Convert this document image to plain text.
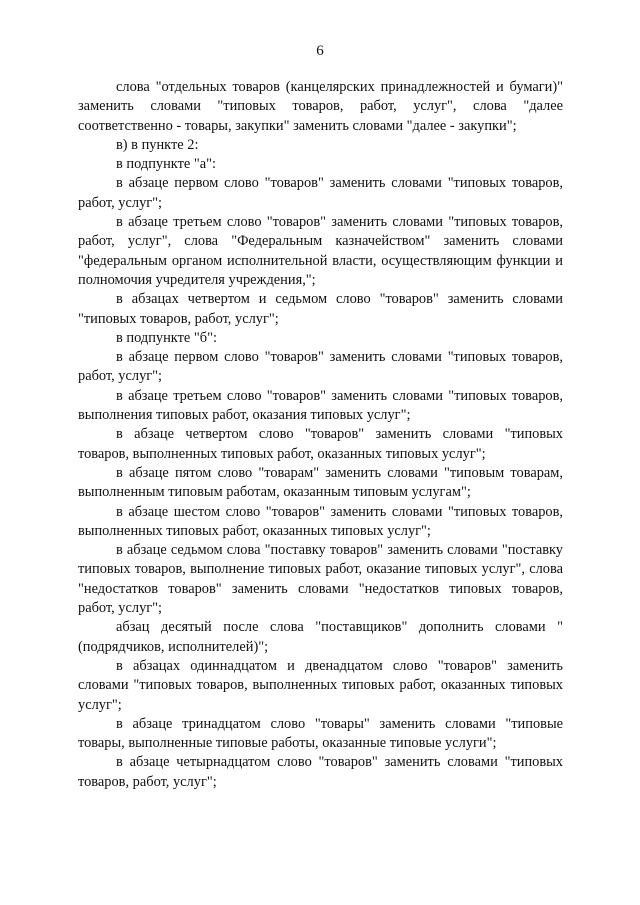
6

слова "отдельных товаров (канцелярских принадлежностей и бумаги)" заменить словами "типовых товаров, работ, услуг", слова "далее соответственно - товары, закупки" заменить словами "далее - закупки";

в) в пункте 2:

в подпункте "а":

в абзаце первом слово "товаров" заменить словами "типовых товаров, работ, услуг";

в абзаце третьем слово "товаров" заменить словами "типовых товаров, работ, услуг", слова "Федеральным казначейством" заменить словами "федеральным органом исполнительной власти, осуществляющим функции и полномочия учредителя учреждения,";

в абзацах четвертом и седьмом слово "товаров" заменить словами "типовых товаров, работ, услуг";

в подпункте "б":

в абзаце первом слово "товаров" заменить словами "типовых товаров, работ, услуг";

в абзаце третьем слово "товаров" заменить словами "типовых товаров, выполнения типовых работ, оказания типовых услуг";

в абзаце четвертом слово "товаров" заменить словами "типовых товаров, выполненных типовых работ, оказанных типовых услуг";

в абзаце пятом слово "товарам" заменить словами "типовым товарам, выполненным типовым работам, оказанным типовым услугам";

в абзаце шестом слово "товаров" заменить словами "типовых товаров, выполненных типовых работ, оказанных типовых услуг";

в абзаце седьмом слова "поставку товаров" заменить словами "поставку типовых товаров, выполнение типовых работ, оказание типовых услуг", слова "недостатков товаров" заменить словами "недостатков типовых товаров, работ, услуг";

абзац десятый после слова "поставщиков" дополнить словами "(подрядчиков, исполнителей)";

в абзацах одиннадцатом и двенадцатом слово "товаров" заменить словами "типовых товаров, выполненных типовых работ, оказанных типовых услуг";

в абзаце тринадцатом слово "товары" заменить словами "типовые товары, выполненные типовые работы, оказанные типовые услуги";

в абзаце четырнадцатом слово "товаров" заменить словами "типовых товаров, работ, услуг";
